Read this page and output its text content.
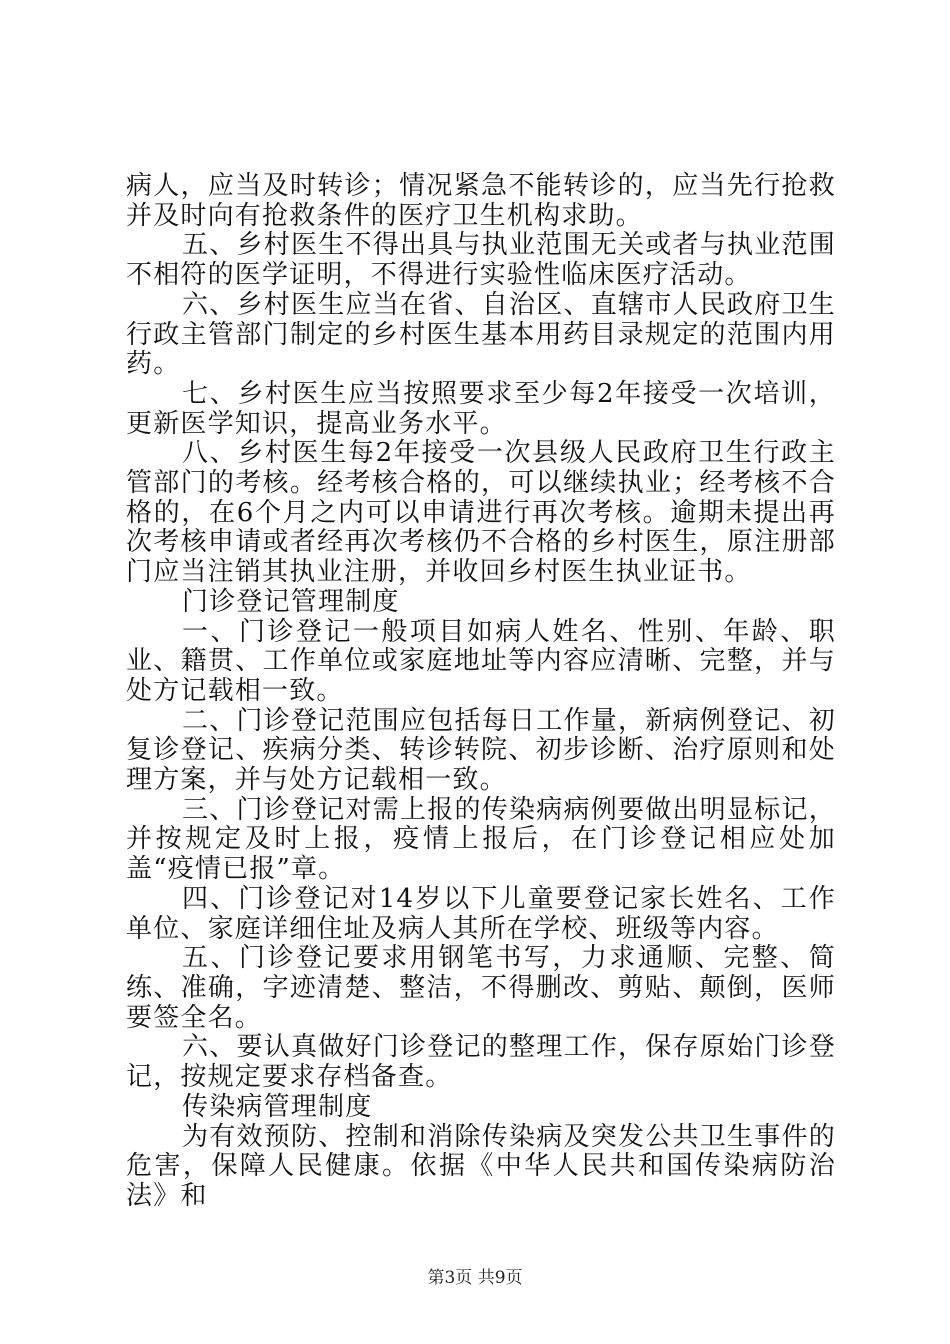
病人，应当及时转诊；情况紧急不能转诊的，应当先行抢救并及时向有抢救条件的医疗卫生机构求助。

五、乡村医生不得出具与执业范围无关或者与执业范围不相符的医学证明，不得进行实验性临床医疗活动。

六、乡村医生应当在省、自治区、直辖市人民政府卫生行政主管部门制定的乡村医生基本用药目录规定的范围内用药。

七、乡村医生应当按照要求至少每2年接受一次培训，更新医学知识，提高业务水平。

八、乡村医生每2年接受一次县级人民政府卫生行政主管部门的考核。经考核合格的，可以继续执业；经考核不合格的，在6个月之内可以申请进行再次考核。逾期未提出再次考核申请或者经再次考核仍不合格的乡村医生，原注册部门应当注销其执业注册，并收回乡村医生执业证书。

门诊登记管理制度

一、门诊登记一般项目如病人姓名、性别、年龄、职业、籍贯、工作单位或家庭地址等内容应清晰、完整，并与处方记载相一致。

二、门诊登记范围应包括每日工作量，新病例登记、初复诊登记、疾病分类、转诊转院、初步诊断、治疗原则和处理方案，并与处方记载相一致。

三、门诊登记对需上报的传染病病例要做出明显标记，并按规定及时上报，疫情上报后，在门诊登记相应处加盖“疫情已报”章。

四、门诊登记对14岁以下儿童要登记家长姓名、工作单位、家庭详细住址及病人其所在学校、班级等内容。

五、门诊登记要求用钢笔书写，力求通顺、完整、简练、准确，字迹清楚、整洁，不得删改、剪贴、颠倒，医师要签全名。

六、要认真做好门诊登记的整理工作，保存原始门诊登记，按规定要求存档备查。

传染病管理制度

为有效预防、控制和消除传染病及突发公共卫生事件的危害，保障人民健康。依据《中华人民共和国传染病防治法》和

第3页 共9页
